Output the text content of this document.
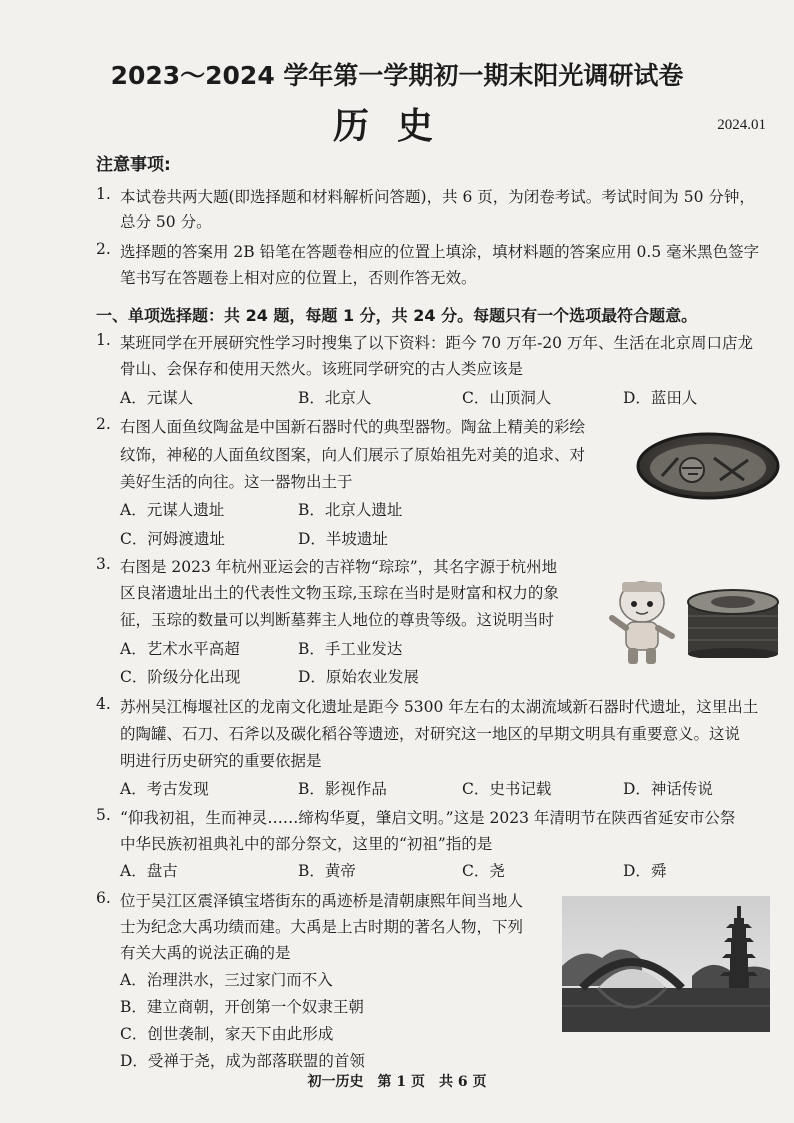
2023～2024 学年第一学期初一期末阳光调研试卷
历史	2024.01
注意事项:
1. 本试卷共两大题(即选择题和材料解析问答题)，共 6 页，为闭卷考试。考试时间为 50 分钟，
总分 50 分。
2. 选择题的答案用 2B 铅笔在答题卷相应的位置上填涂，填材料题的答案应用 0.5 毫米黑色签字
笔书写在答题卷上相对应的位置上，否则作答无效。
一、单项选择题：共 24 题，每题 1 分，共 24 分。每题只有一个选项最符合题意。
1. 某班同学在开展研究性学习时搜集了以下资料：距今 70 万年-20 万年、生活在北京周口店龙
骨山、会保存和使用天然火。该班同学研究的古人类应该是
A．元谋人	B．北京人	C．山顶洞人	D．蓝田人
2. 右图人面鱼纹陶盆是中国新石器时代的典型器物。陶盆上精美的彩绘
纹饰，神秘的人面鱼纹图案，向人们展示了原始祖先对美的追求、对
美好生活的向往。这一器物出土于
A．元谋人遗址	B．北京人遗址
C．河姆渡遗址	D．半坡遗址
3. 右图是 2023 年杭州亚运会的吉祥物“琮琮”，其名字源于杭州地
区良渚遗址出土的代表性文物玉琮,玉琮在当时是财富和权力的象
征，玉琮的数量可以判断墓葬主人地位的尊贵等级。这说明当时
A．艺术水平高超	B．手工业发达
C．阶级分化出现	D．原始农业发展
4. 苏州吴江梅堰社区的龙南文化遗址是距今 5300 年左右的太湖流域新石器时代遗址，这里出土
的陶罐、石刀、石斧以及碳化稻谷等遗迹，对研究这一地区的早期文明具有重要意义。这说
明进行历史研究的重要依据是
A．考古发现	B．影视作品	C．史书记载	D．神话传说
5. “仰我初祖，生而神灵……缔构华夏，肇启文明。”这是 2023 年清明节在陕西省延安市公祭
中华民族初祖典礼中的部分祭文，这里的“初祖”指的是
A．盘古	B．黄帝	C．尧	D．舜
6. 位于吴江区震泽镇宝塔街东的禹迹桥是清朝康熙年间当地人
士为纪念大禹功绩而建。大禹是上古时期的著名人物，下列
有关大禹的说法正确的是
A．治理洪水，三过家门而不入
B．建立商朝，开创第一个奴隶王朝
C．创世袭制，家天下由此形成
D．受禅于尧，成为部落联盟的首领
初一历史　第 1 页　共 6 页
